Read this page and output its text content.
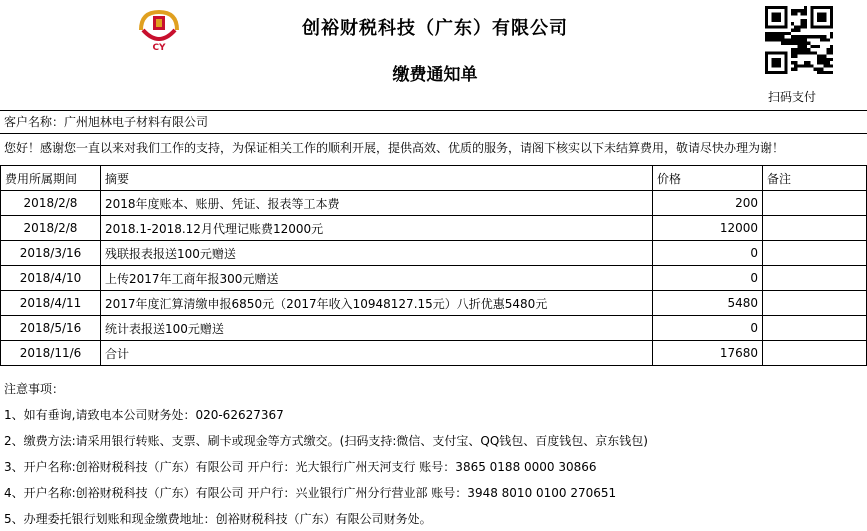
CY
创裕财税科技（广东）有限公司
缴费通知单
扫码支付
客户名称：广州旭林电子材料有限公司
您好！感谢您一直以来对我们工作的支持，为保证相关工作的顺利开展，提供高效、优质的服务，请阁下核实以下未结算费用，敬请尽快办理为谢！
费用所属期间	摘要	价格	备注
2018/2/8	2018年度账本、账册、凭证、报表等工本费	200	
2018/2/8	2018.1-2018.12月代理记账费12000元	12000	
2018/3/16	残联报表报送100元赠送	0	
2018/4/10	上传2017年工商年报300元赠送	0	
2018/4/11	2017年度汇算清缴申报6850元（2017年收入10948127.15元）八折优惠5480元	5480	
2018/5/16	统计表报送100元赠送	0	
2018/11/6	合计	17680	
注意事项：
1、如有垂询,请致电本公司财务处：020-62627367
2、缴费方法:请采用银行转账、支票、刷卡或现金等方式缴交。(扫码支持:微信、支付宝、QQ钱包、百度钱包、京东钱包)
3、开户名称:创裕财税科技（广东）有限公司 开户行：光大银行广州天河支行 账号：3865 0188 0000 30866
4、开户名称:创裕财税科技（广东）有限公司 开户行：兴业银行广州分行营业部 账号：3948 8010 0100 270651
5、办理委托银行划账和现金缴费地址：创裕财税科技（广东）有限公司财务处。
